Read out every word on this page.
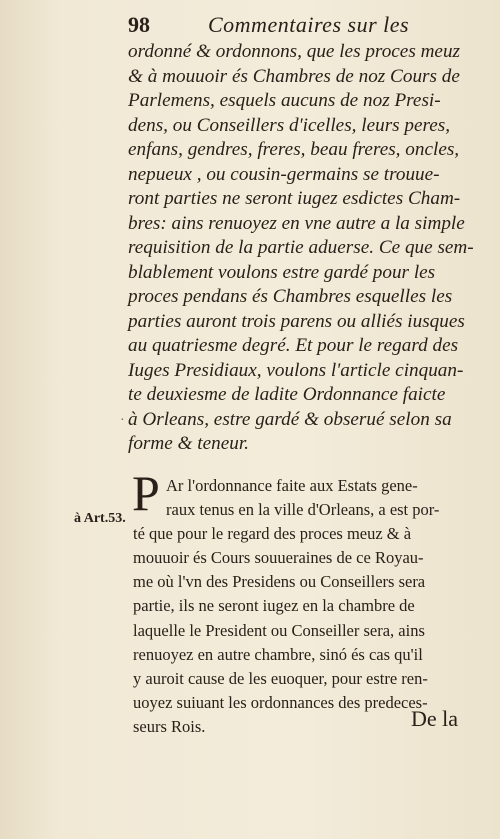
98	Commentaires sur les
ordonné & ordonnons, que les proces meuz
& à mouuoir és Chambres de noz Cours de
Parlemens, esquels aucuns de noz Presi-
dens, ou Conseillers d'icelles, leurs peres,
enfans, gendres, freres, beau freres, oncles,
nepueux , ou cousin-germains se trouue-
ront parties ne seront iugez esdictes Cham-
bres: ains renuoyez en vne autre a la simple
requisition de la partie aduerse. Ce que sem-
blablement voulons estre gardé pour les
proces pendans és Chambres esquelles les
parties auront trois parens ou alliés iusques
au quatriesme degré. Et pour le regard des
Iuges Presidiaux, voulons l'article cinquan-
te deuxiesme de ladite Ordonnance faicte
à Orleans, estre gardé & obserué selon sa
forme & teneur.
·
P
à Art.53.
Ar l'ordonnance faite aux Estats gene-
raux tenus en la ville d'Orleans, a est por-
té que pour le regard des proces meuz & à
mouuoir és Cours souueraines de ce Royau-
me où l'vn des Presidens ou Conseillers sera
partie, ils ne seront iugez en la chambre de
laquelle le President ou Conseiller sera, ains
renuoyez en autre chambre, sinó és cas qu'il
y auroit cause de les euoquer, pour estre ren-
uoyez suiuant les ordonnances des predeces-
seurs Rois.	De la
